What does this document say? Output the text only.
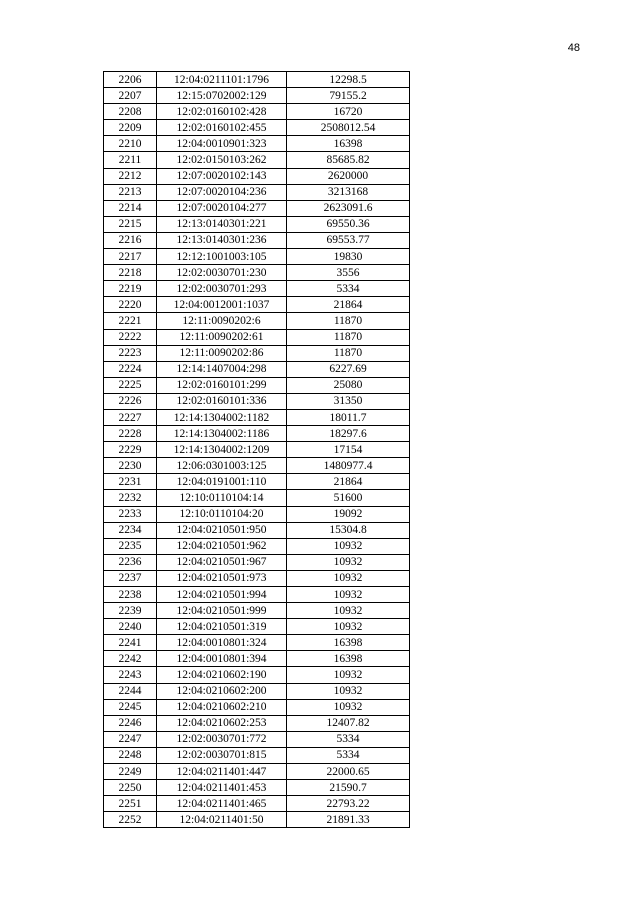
48
2206	12:04:0211101:1796	12298.5
2207	12:15:0702002:129	79155.2
2208	12:02:0160102:428	16720
2209	12:02:0160102:455	2508012.54
2210	12:04:0010901:323	16398
2211	12:02:0150103:262	85685.82
2212	12:07:0020102:143	2620000
2213	12:07:0020104:236	3213168
2214	12:07:0020104:277	2623091.6
2215	12:13:0140301:221	69550.36
2216	12:13:0140301:236	69553.77
2217	12:12:1001003:105	19830
2218	12:02:0030701:230	3556
2219	12:02:0030701:293	5334
2220	12:04:0012001:1037	21864
2221	12:11:0090202:6	11870
2222	12:11:0090202:61	11870
2223	12:11:0090202:86	11870
2224	12:14:1407004:298	6227.69
2225	12:02:0160101:299	25080
2226	12:02:0160101:336	31350
2227	12:14:1304002:1182	18011.7
2228	12:14:1304002:1186	18297.6
2229	12:14:1304002:1209	17154
2230	12:06:0301003:125	1480977.4
2231	12:04:0191001:110	21864
2232	12:10:0110104:14	51600
2233	12:10:0110104:20	19092
2234	12:04:0210501:950	15304.8
2235	12:04:0210501:962	10932
2236	12:04:0210501:967	10932
2237	12:04:0210501:973	10932
2238	12:04:0210501:994	10932
2239	12:04:0210501:999	10932
2240	12:04:0210501:319	10932
2241	12:04:0010801:324	16398
2242	12:04:0010801:394	16398
2243	12:04:0210602:190	10932
2244	12:04:0210602:200	10932
2245	12:04:0210602:210	10932
2246	12:04:0210602:253	12407.82
2247	12:02:0030701:772	5334
2248	12:02:0030701:815	5334
2249	12:04:0211401:447	22000.65
2250	12:04:0211401:453	21590.7
2251	12:04:0211401:465	22793.22
2252	12:04:0211401:50	21891.33
